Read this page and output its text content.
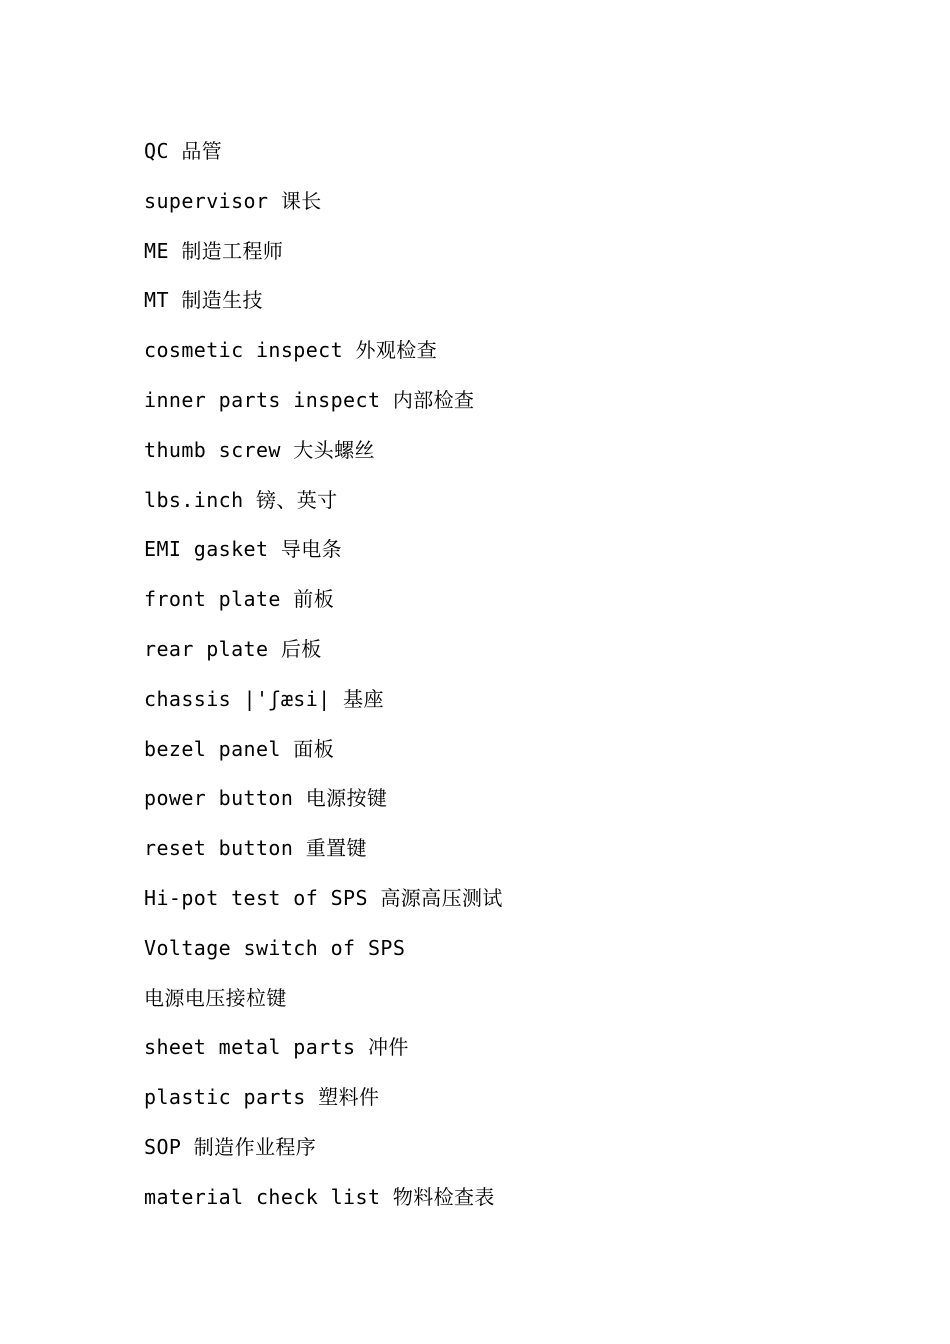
QC 品管
supervisor 课长
ME 制造工程师
MT 制造生技
cosmetic inspect 外观检查
inner parts inspect 内部检查
thumb screw 大头螺丝
lbs.inch 镑、英寸
EMI gasket 导电条
front plate 前板
rear plate 后板
chassis |'ʃæsi| 基座
bezel panel 面板
power button 电源按键
reset button 重置键
Hi-pot test of SPS 高源高压测试
Voltage switch of SPS
电源电压接柆键
sheet metal parts 冲件
plastic parts 塑料件
SOP 制造作业程序
material check list 物料检查表
